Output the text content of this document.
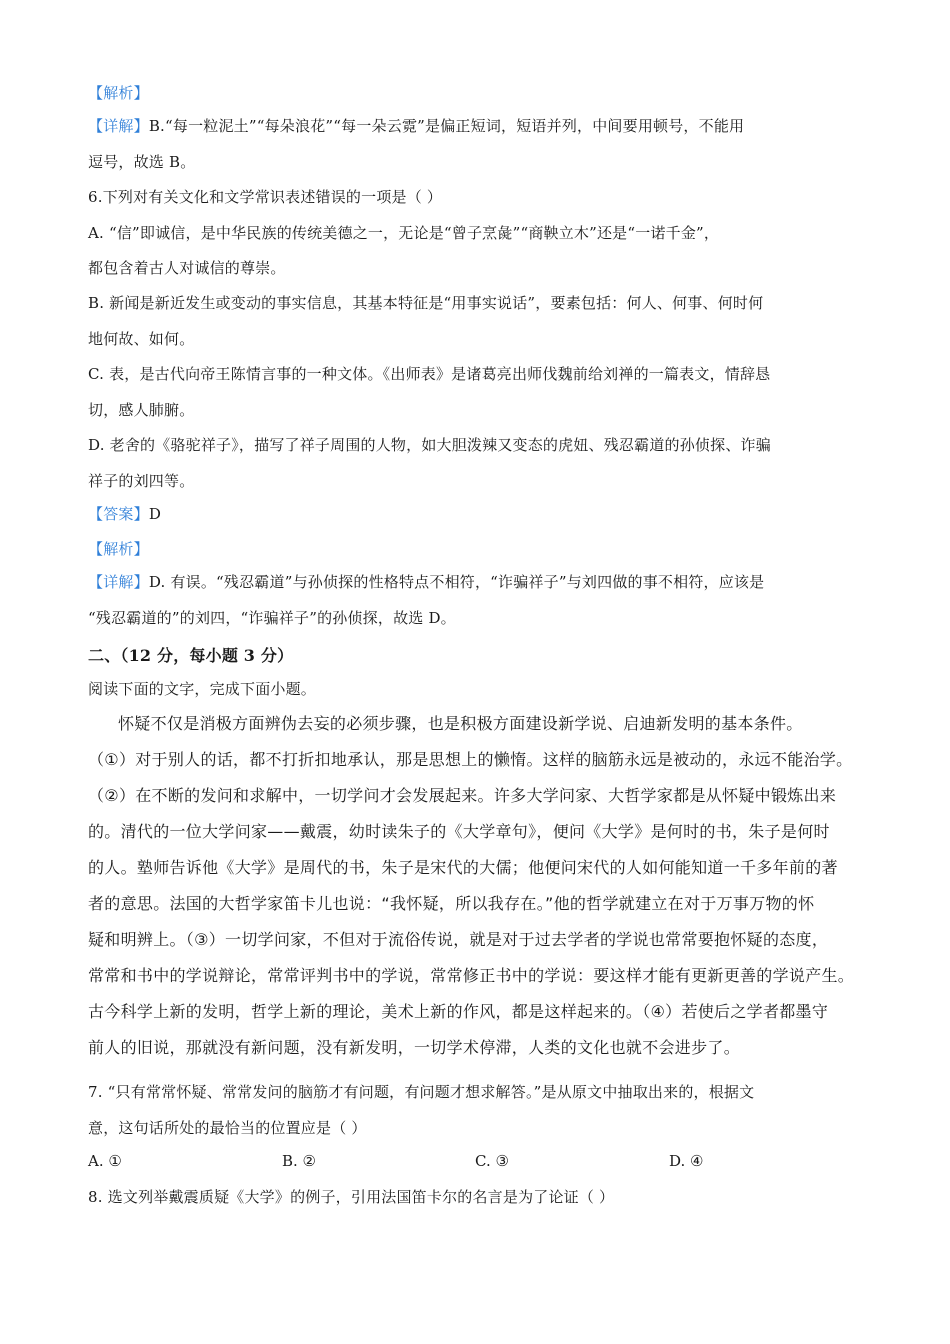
【解析】
【详解】B.“每一粒泥土”“每朵浪花”“每一朵云霓”是偏正短词，短语并列，中间要用顿号，不能用
逗号，故选 B。
6.下列对有关文化和文学常识表述错误的一项是（ ）
A. “信”即诚信，是中华民族的传统美德之一，无论是“曾子烹彘”“商鞅立木”还是“一诺千金”，
都包含着古人对诚信的尊崇。
B. 新闻是新近发生或变动的事实信息，其基本特征是“用事实说话”，要素包括：何人、何事、何时何
地何故、如何。
C. 表，是古代向帝王陈情言事的一种文体。《出师表》是诸葛亮出师伐魏前给刘禅的一篇表文，情辞恳
切，感人肺腑。
D. 老舍的《骆驼祥子》，描写了祥子周围的人物，如大胆泼辣又变态的虎妞、残忍霸道的孙侦探、诈骗
祥子的刘四等。
【答案】D
【解析】
【详解】D. 有误。“残忍霸道”与孙侦探的性格特点不相符，“诈骗祥子”与刘四做的事不相符，应该是
“残忍霸道的”的刘四，“诈骗祥子”的孙侦探，故选 D。
二、（12 分，每小题 3 分）
阅读下面的文字，完成下面小题。
怀疑不仅是消极方面辨伪去妄的必须步骤，也是积极方面建设新学说、启迪新发明的基本条件。
（①）对于别人的话，都不打折扣地承认，那是思想上的懒惰。这样的脑筋永远是被动的，永远不能治学。
（②）在不断的发问和求解中，一切学问才会发展起来。许多大学问家、大哲学家都是从怀疑中锻炼出来
的。清代的一位大学问家——戴震，幼时读朱子的《大学章句》，便问《大学》是何时的书，朱子是何时
的人。塾师告诉他《大学》是周代的书，朱子是宋代的大儒；他便问宋代的人如何能知道一千多年前的著
者的意思。法国的大哲学家笛卡儿也说：“我怀疑，所以我存在。”他的哲学就建立在对于万事万物的怀
疑和明辨上。（③）一切学问家，不但对于流俗传说，就是对于过去学者的学说也常常要抱怀疑的态度，
常常和书中的学说辩论，常常评判书中的学说，常常修正书中的学说：要这样才能有更新更善的学说产生。
古今科学上新的发明，哲学上新的理论，美术上新的作风，都是这样起来的。（④）若使后之学者都墨守
前人的旧说，那就没有新问题，没有新发明，一切学术停滞，人类的文化也就不会进步了。
7. “只有常常怀疑、常常发问的脑筋才有问题，有问题才想求解答。”是从原文中抽取出来的，根据文
意，这句话所处的最恰当的位置应是（ ）
A. ①	B. ②	C. ③	D. ④
8. 选文列举戴震质疑《大学》的例子，引用法国笛卡尔的名言是为了论证（ ）
